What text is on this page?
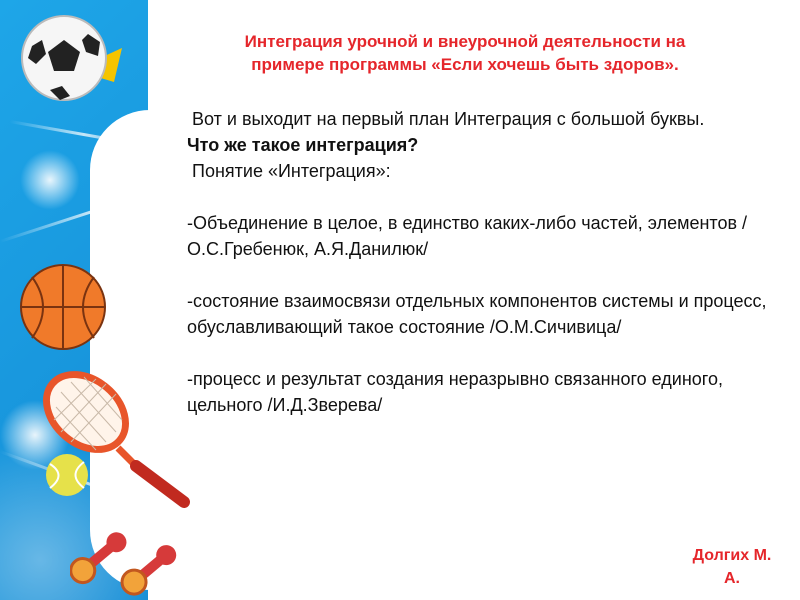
Интеграция урочной и внеурочной деятельности на
примере программы «Если хочешь быть здоров».

Вот и выходит на первый план Интеграция с большой буквы.

Что же такое интеграция?

Понятие «Интеграция»:

-Объединение в целое, в единство каких-либо частей, элементов /О.С.Гребенюк, А.Я.Данилюк/

-состояние взаимосвязи отдельных компонентов системы и процесс, обуславливающий такое состояние /О.М.Сичивица/

-процесс и результат создания неразрывно связанного единого, цельного /И.Д.Зверева/

Долгих М.
А.
